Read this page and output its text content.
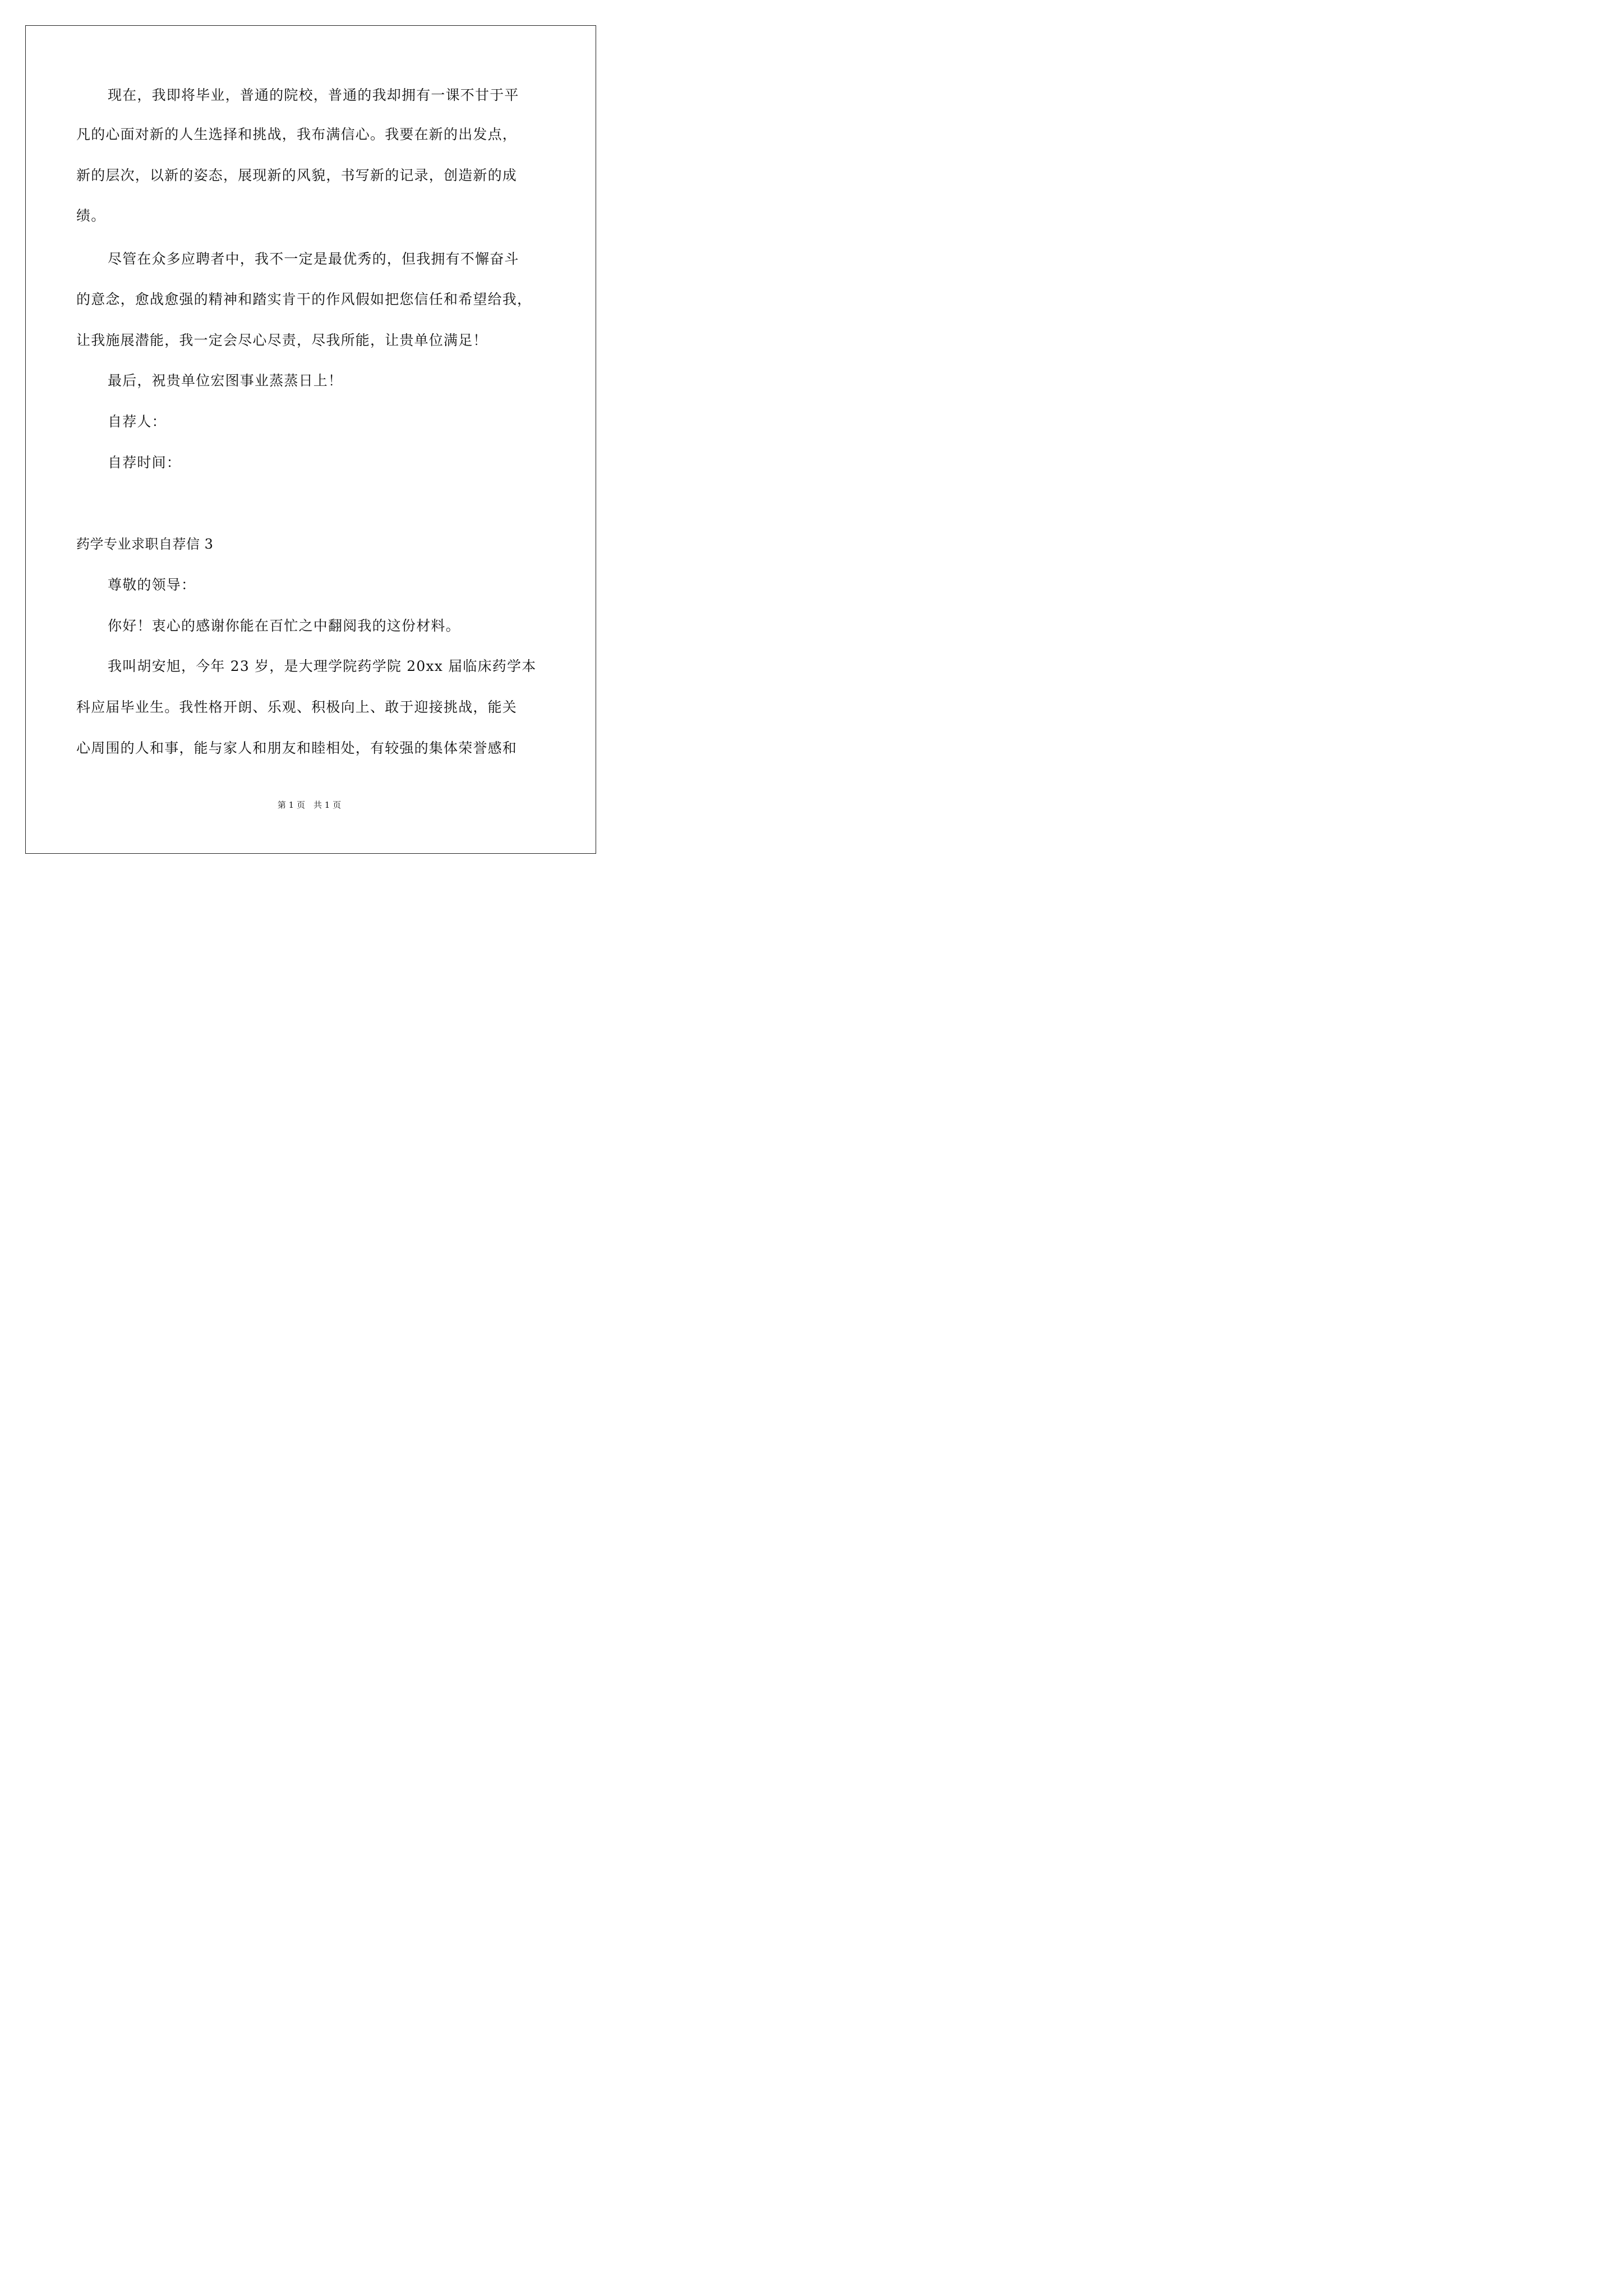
现在，我即将毕业，普通的院校，普通的我却拥有一课不甘于平
凡的心面对新的人生选择和挑战，我布满信心。我要在新的出发点，
新的层次，以新的姿态，展现新的风貌，书写新的记录，创造新的成
绩。
尽管在众多应聘者中，我不一定是最优秀的，但我拥有不懈奋斗
的意念，愈战愈强的精神和踏实肯干的作风假如把您信任和希望给我，
让我施展潜能，我一定会尽心尽责，尽我所能，让贵单位满足！
最后，祝贵单位宏图事业蒸蒸日上！
自荐人：
自荐时间：
药学专业求职自荐信 3
尊敬的领导：
你好！衷心的感谢你能在百忙之中翻阅我的这份材料。
我叫胡安旭，今年 23 岁，是大理学院药学院 20xx 届临床药学本
科应届毕业生。我性格开朗、乐观、积极向上、敢于迎接挑战，能关
心周围的人和事，能与家人和朋友和睦相处，有较强的集体荣誉感和
第 1 页　共 1 页
